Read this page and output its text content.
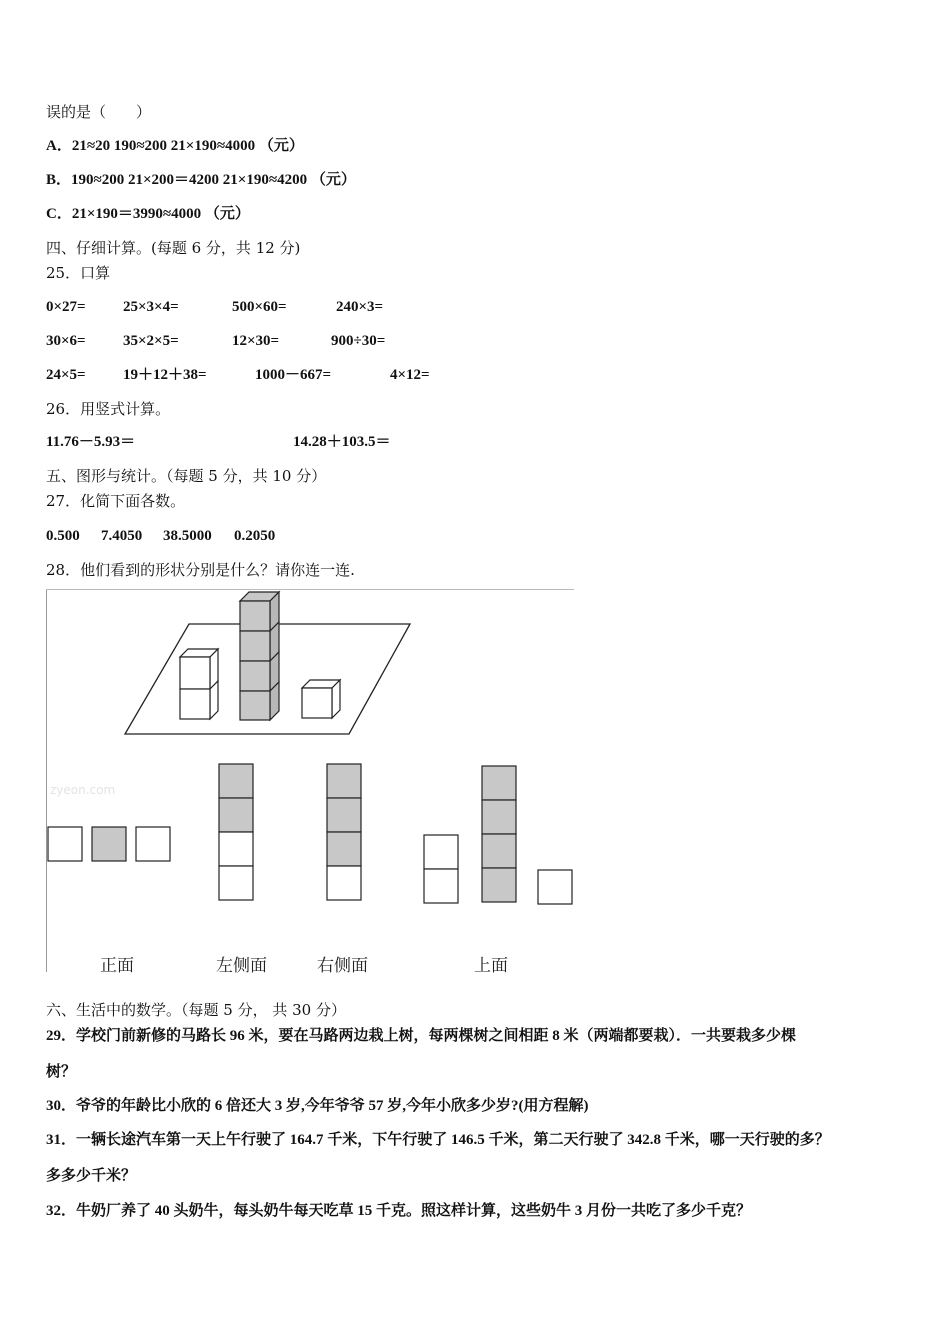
误的是（　　）
A．21≈20 190≈200 21×190≈4000 （元）
B．190≈200 21×200＝4200 21×190≈4200 （元）
C．21×190＝3990≈4000 （元）
四、仔细计算。(每题 6 分，共 12 分)
25．口算
0×27= 25×3×4=	500×60=	240×3=
30×6= 35×2×5=	12×30=	900÷30=
24×5= 19＋12＋38=	1000－667=	4×12=
26．用竖式计算。
11.76－5.93＝	14.28＋103.5＝
五、图形与统计。（每题 5 分，共 10 分）
27．化简下面各数。
0.500 7.4050 38.5000 0.2050
28．他们看到的形状分别是什么？请你连一连.
zyeon.com
正面	左侧面	右侧面	上面
六、生活中的数学。（每题 5 分， 共 30 分）
29．学校门前新修的马路长 96 米，要在马路两边栽上树，每两棵树之间相距 8 米（两端都要栽）．一共要栽多少棵
树？
30．爷爷的年龄比小欣的 6 倍还大 3 岁,今年爷爷 57 岁,今年小欣多少岁?(用方程解)
31．一辆长途汽车第一天上午行驶了 164.7 千米，下午行驶了 146.5 千米，第二天行驶了 342.8 千米，哪一天行驶的多？
多多少千米？
32．牛奶厂养了 40 头奶牛，每头奶牛每天吃草 15 千克。照这样计算，这些奶牛 3 月份一共吃了多少千克？
